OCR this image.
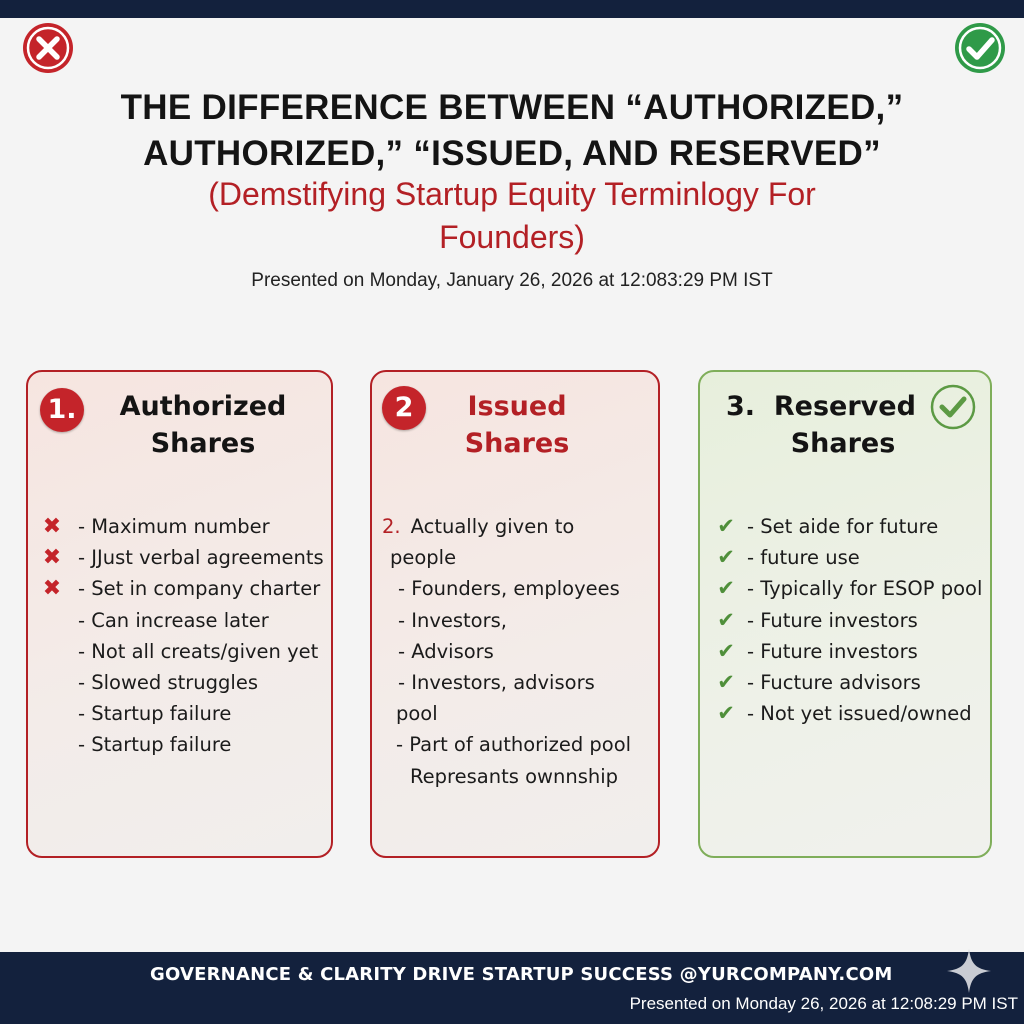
THE DIFFERENCE BETWEEN “AUTHORIZED,”
AUTHORIZED,” “ISSUED, AND RESERVED”
(Demstifying Startup Equity Terminlogy For
Founders)
Presented on Monday, January 26, 2026 at 12:083:29 PM IST
1.	Authorized
Shares
✖ - Maximum number
✖ - JJust verbal agreements
✖ - Set in company charter
- Can increase later
- Not all creats/given yet
- Slowed struggles
- Startup failure
- Startup failure
2	Issued
Shares
2. Actually given to
people
- Founders, employees
- Investors,
- Advisors
- Investors, advisors
pool
- Part of authorized pool
Represants ownnship
3. Reserved
Shares
✔ - Set aide for future
✔ - future use
✔ - Typically for ESOP pool
✔ - Future investors
✔ - Future investors
✔ - Fucture advisors
✔ - Not yet issued/owned
GOVERNANCE & CLARITY DRIVE STARTUP SUCCESS @YURCOMPANY.COM
Presented on Monday 26, 2026 at 12:08:29 PM IST
